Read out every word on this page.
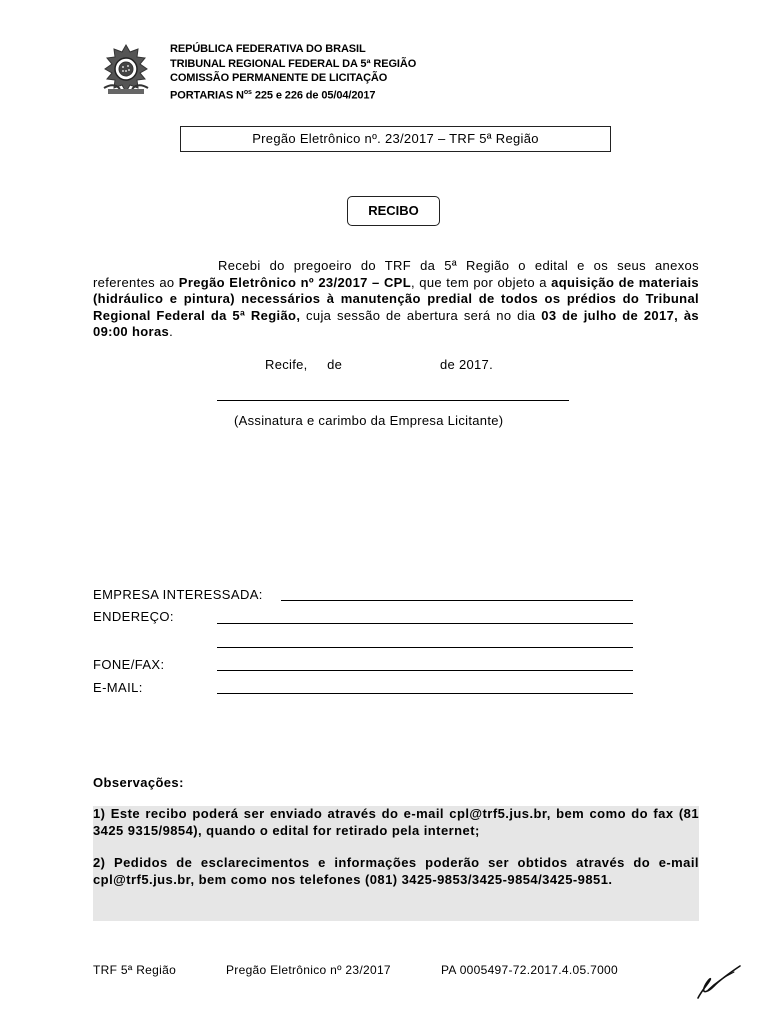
REPÚBLICA FEDERATIVA DO BRASIL
TRIBUNAL REGIONAL FEDERAL DA 5ª REGIÃO
COMISSÃO PERMANENTE DE LICITAÇÃO
PORTARIAS $N^{os}$ 225 e 226 de 05/04/2017
Pregão Eletrônico nº. 23/2017 – TRF 5ª Região
RECIBO
Recebi do pregoeiro do TRF da 5ª Região o edital e os seus anexos referentes ao Pregão Eletrônico nº 23/2017 – CPL, que tem por objeto a aquisição de materiais (hidráulico e pintura) necessários à manutenção predial de todos os prédios do Tribunal Regional Federal da 5ª Região, cuja sessão de abertura será no dia 03 de julho de 2017, às 09:00 horas.
Recife, de	de 2017.
(Assinatura e carimbo da Empresa Licitante)
EMPRESA INTERESSADA:
ENDEREÇO:
FONE/FAX:
E-MAIL:
Observações:

1) Este recibo poderá ser enviado através do e-mail cpl@trf5.jus.br, bem como do fax (81 3425 9315/9854), quando o edital for retirado pela internet;

2) Pedidos de esclarecimentos e informações poderão ser obtidos através do e-mail cpl@trf5.jus.br, bem como nos telefones (081) 3425-9853/3425-9854/3425-9851.

TRF 5ª Região	Pregão Eletrônico nº 23/2017	PA 0005497-72.2017.4.05.7000
